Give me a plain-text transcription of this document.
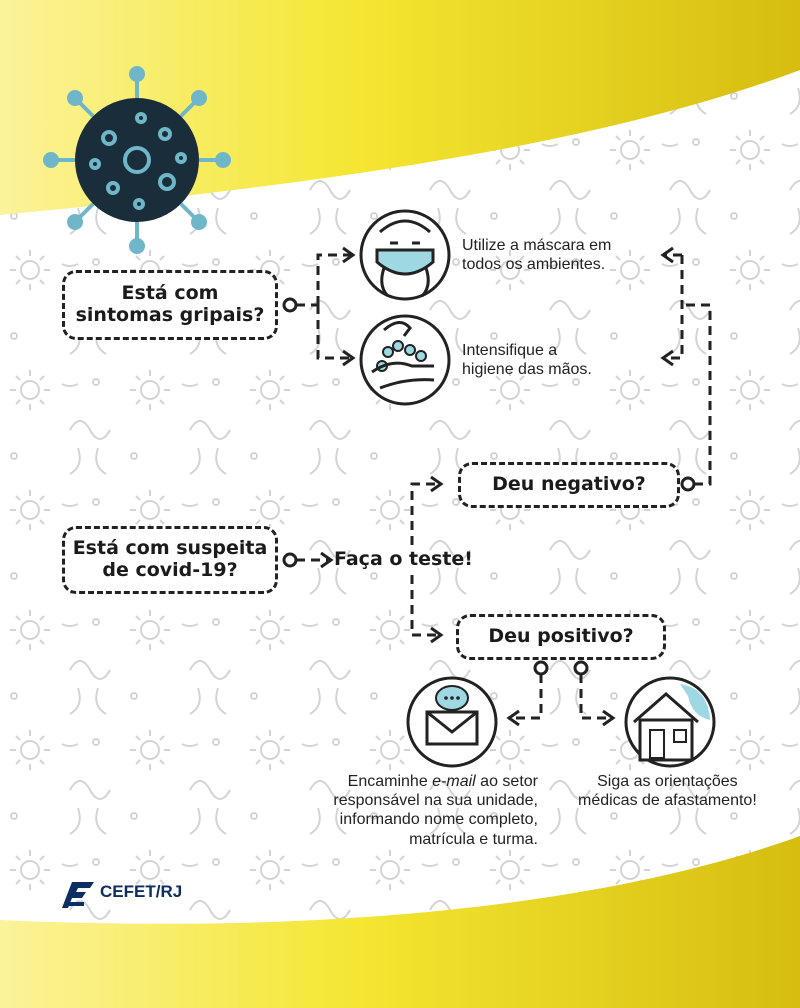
Está com
sintomas gripais?
Está com suspeita
de covid-19?
Deu negativo?
Deu positivo?
Faça o teste!
Utilize a máscara em
todos os ambientes.
Intensifique a
higiene das mãos.
Encaminhe e-mail ao setor
responsável na sua unidade,
informando nome completo,
matrícula e turma.
Siga as orientações
médicas de afastamento!
CEFET/RJ
